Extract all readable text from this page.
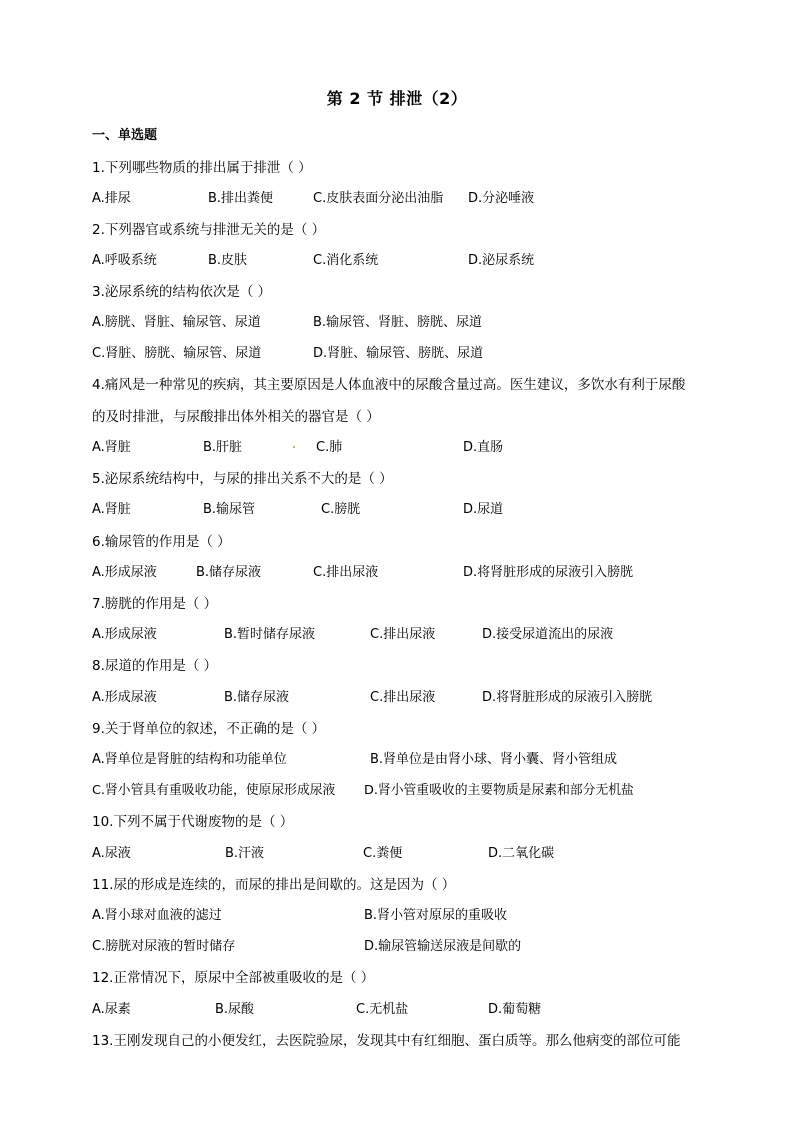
第 2 节 排泄（2）
一、单选题
1.下列哪些物质的排出属于排泄（ ）
A.排尿	B.排出粪便	C.皮肤表面分泌出油脂 D.分泌唾液
2.下列器官或系统与排泄无关的是（ ）
A.呼吸系统	B.皮肤	C.消化系统	D.泌尿系统
3.泌尿系统的结构依次是（ ）
A.膀胱、肾脏、输尿管、尿道	B.输尿管、肾脏、膀胱、尿道
C.肾脏、膀胱、输尿管、尿道	D.肾脏、输尿管、膀胱、尿道
4.痛风是一种常见的疾病，其主要原因是人体血液中的尿酸含量过高。医生建议，多饮水有利于尿酸
的及时排泄，与尿酸排出体外相关的器官是（ ）
A.肾脏	B.肝脏	C.肺	D.直肠
5.泌尿系统结构中，与尿的排出关系不大的是（ ）
A.肾脏	B.输尿管	C.膀胱	D.尿道
6.输尿管的作用是（ ）
A.形成尿液	B.储存尿液	C.排出尿液	D.将肾脏形成的尿液引入膀胱
7.膀胱的作用是（ ）
A.形成尿液	B.暂时储存尿液	C.排出尿液	D.接受尿道流出的尿液
8.尿道的作用是（ ）
A.形成尿液	B.储存尿液	C.排出尿液	D.将肾脏形成的尿液引入膀胱
9.关于肾单位的叙述，不正确的是（ ）
A.肾单位是肾脏的结构和功能单位	B.肾单位是由肾小球、肾小囊、肾小管组成
C.肾小管具有重吸收功能，使原尿形成尿液 D.肾小管重吸收的主要物质是尿素和部分无机盐
10.下列不属于代谢废物的是（ ）
A.尿液	B.汗液	C.粪便	D.二氧化碳
11.尿的形成是连续的，而尿的排出是间歇的。这是因为（ ）
A.肾小球对血液的滤过	B.肾小管对原尿的重吸收
C.膀胱对尿液的暂时储存	D.输尿管输送尿液是间歇的
12.正常情况下，原尿中全部被重吸收的是（ ）
A.尿素	B.尿酸	C.无机盐	D.葡萄糖
13.王刚发现自己的小便发红，去医院验尿，发现其中有红细胞、蛋白质等。那么他病变的部位可能
